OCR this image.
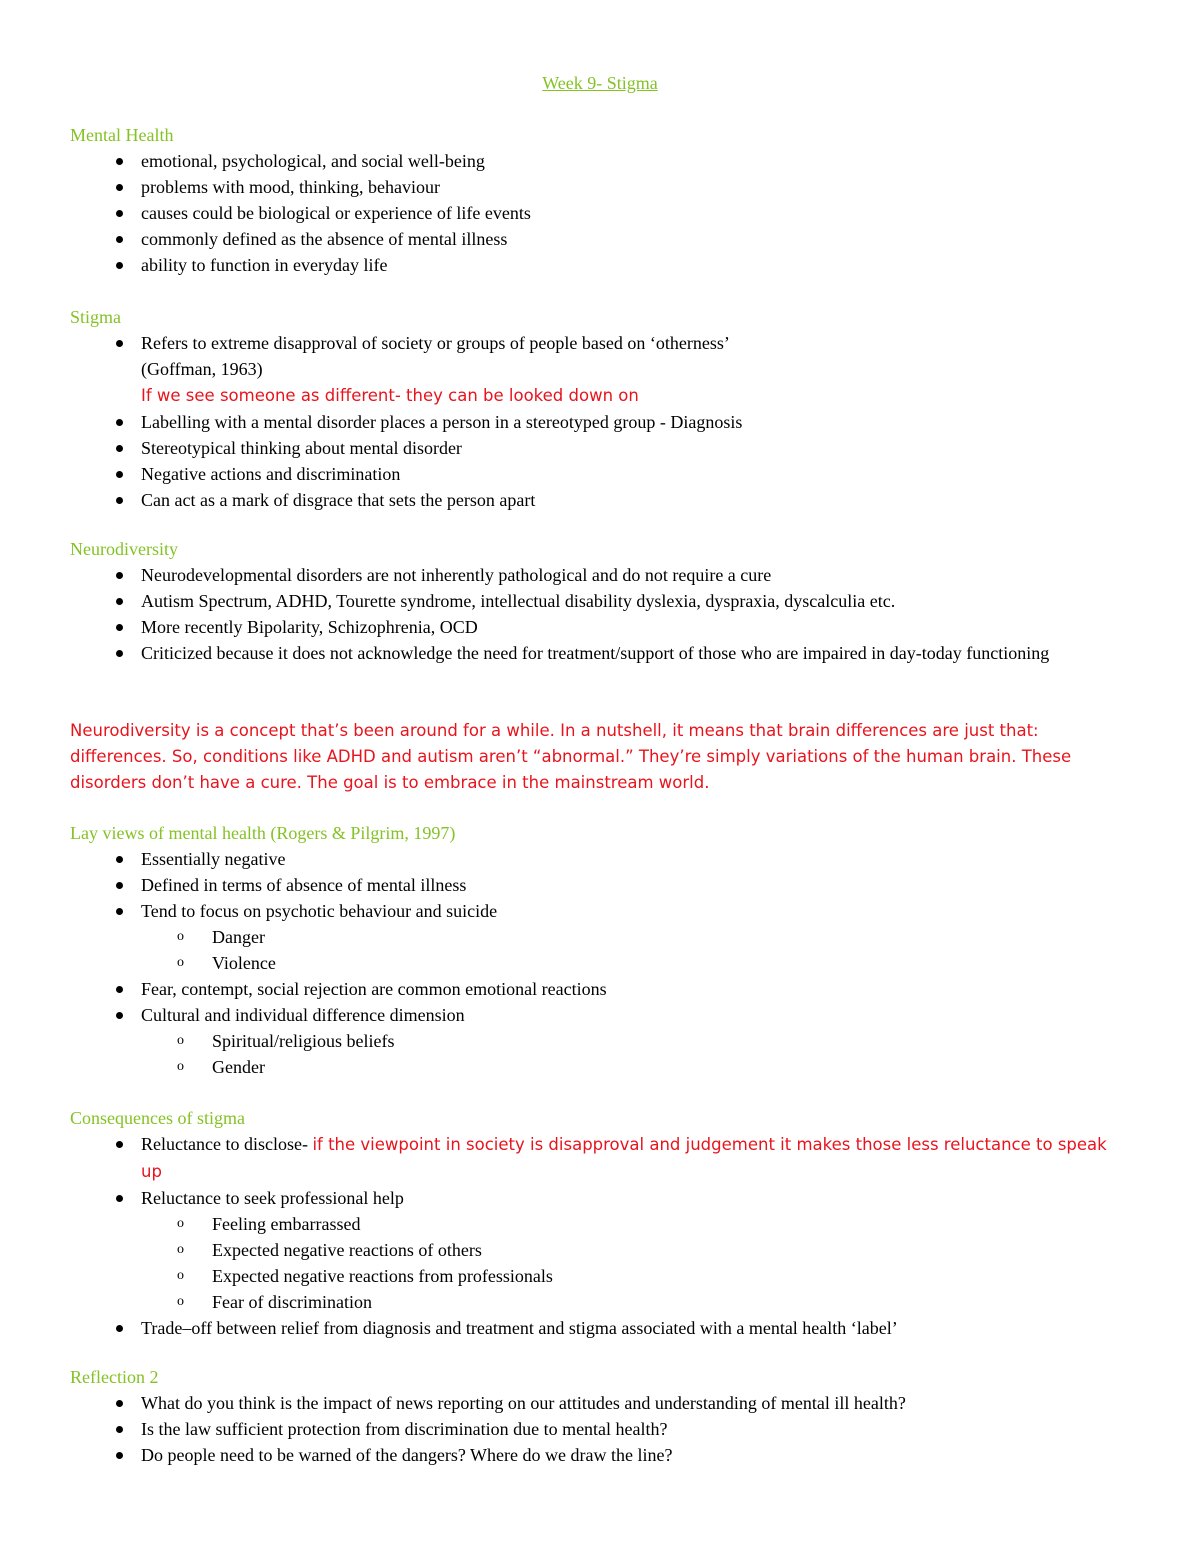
Week 9- Stigma
Mental Health
emotional, psychological, and social well-being
problems with mood, thinking, behaviour
causes could be biological or experience of life events
commonly defined as the absence of mental illness
ability to function in everyday life
Stigma
Refers to extreme disapproval of society or groups of people based on ‘otherness’
(Goffman, 1963)
If we see someone as different- they can be looked down on
Labelling with a mental disorder places a person in a stereotyped group - Diagnosis
Stereotypical thinking about mental disorder
Negative actions and discrimination
Can act as a mark of disgrace that sets the person apart
Neurodiversity
Neurodevelopmental disorders are not inherently pathological and do not require a cure
Autism Spectrum, ADHD, Tourette syndrome, intellectual disability dyslexia, dyspraxia, dyscalculia etc.
More recently Bipolarity, Schizophrenia, OCD
Criticized because it does not acknowledge the need for treatment/support of those who are impaired in day-today functioning

Neurodiversity is a concept that’s been around for a while. In a nutshell, it means that brain differences are just that: differences. So, conditions like ADHD and autism aren’t “abnormal.” They’re simply variations of the human brain. These disorders don’t have a cure. The goal is to embrace in the mainstream world.

Lay views of mental health (Rogers & Pilgrim, 1997)
Essentially negative
Defined in terms of absence of mental illness
Tend to focus on psychotic behaviour and suicide
o Danger
o Violence
Fear, contempt, social rejection are common emotional reactions
Cultural and individual difference dimension
o Spiritual/religious beliefs
o Gender
Consequences of stigma
Reluctance to disclose- if the viewpoint in society is disapproval and judgement it makes those less reluctance to speak up
Reluctance to seek professional help
o Feeling embarrassed
o Expected negative reactions of others
o Expected negative reactions from professionals
o Fear of discrimination
Trade–off between relief from diagnosis and treatment and stigma associated with a mental health ‘label’
Reflection 2
What do you think is the impact of news reporting on our attitudes and understanding of mental ill health?
Is the law sufficient protection from discrimination due to mental health?
Do people need to be warned of the dangers? Where do we draw the line?
